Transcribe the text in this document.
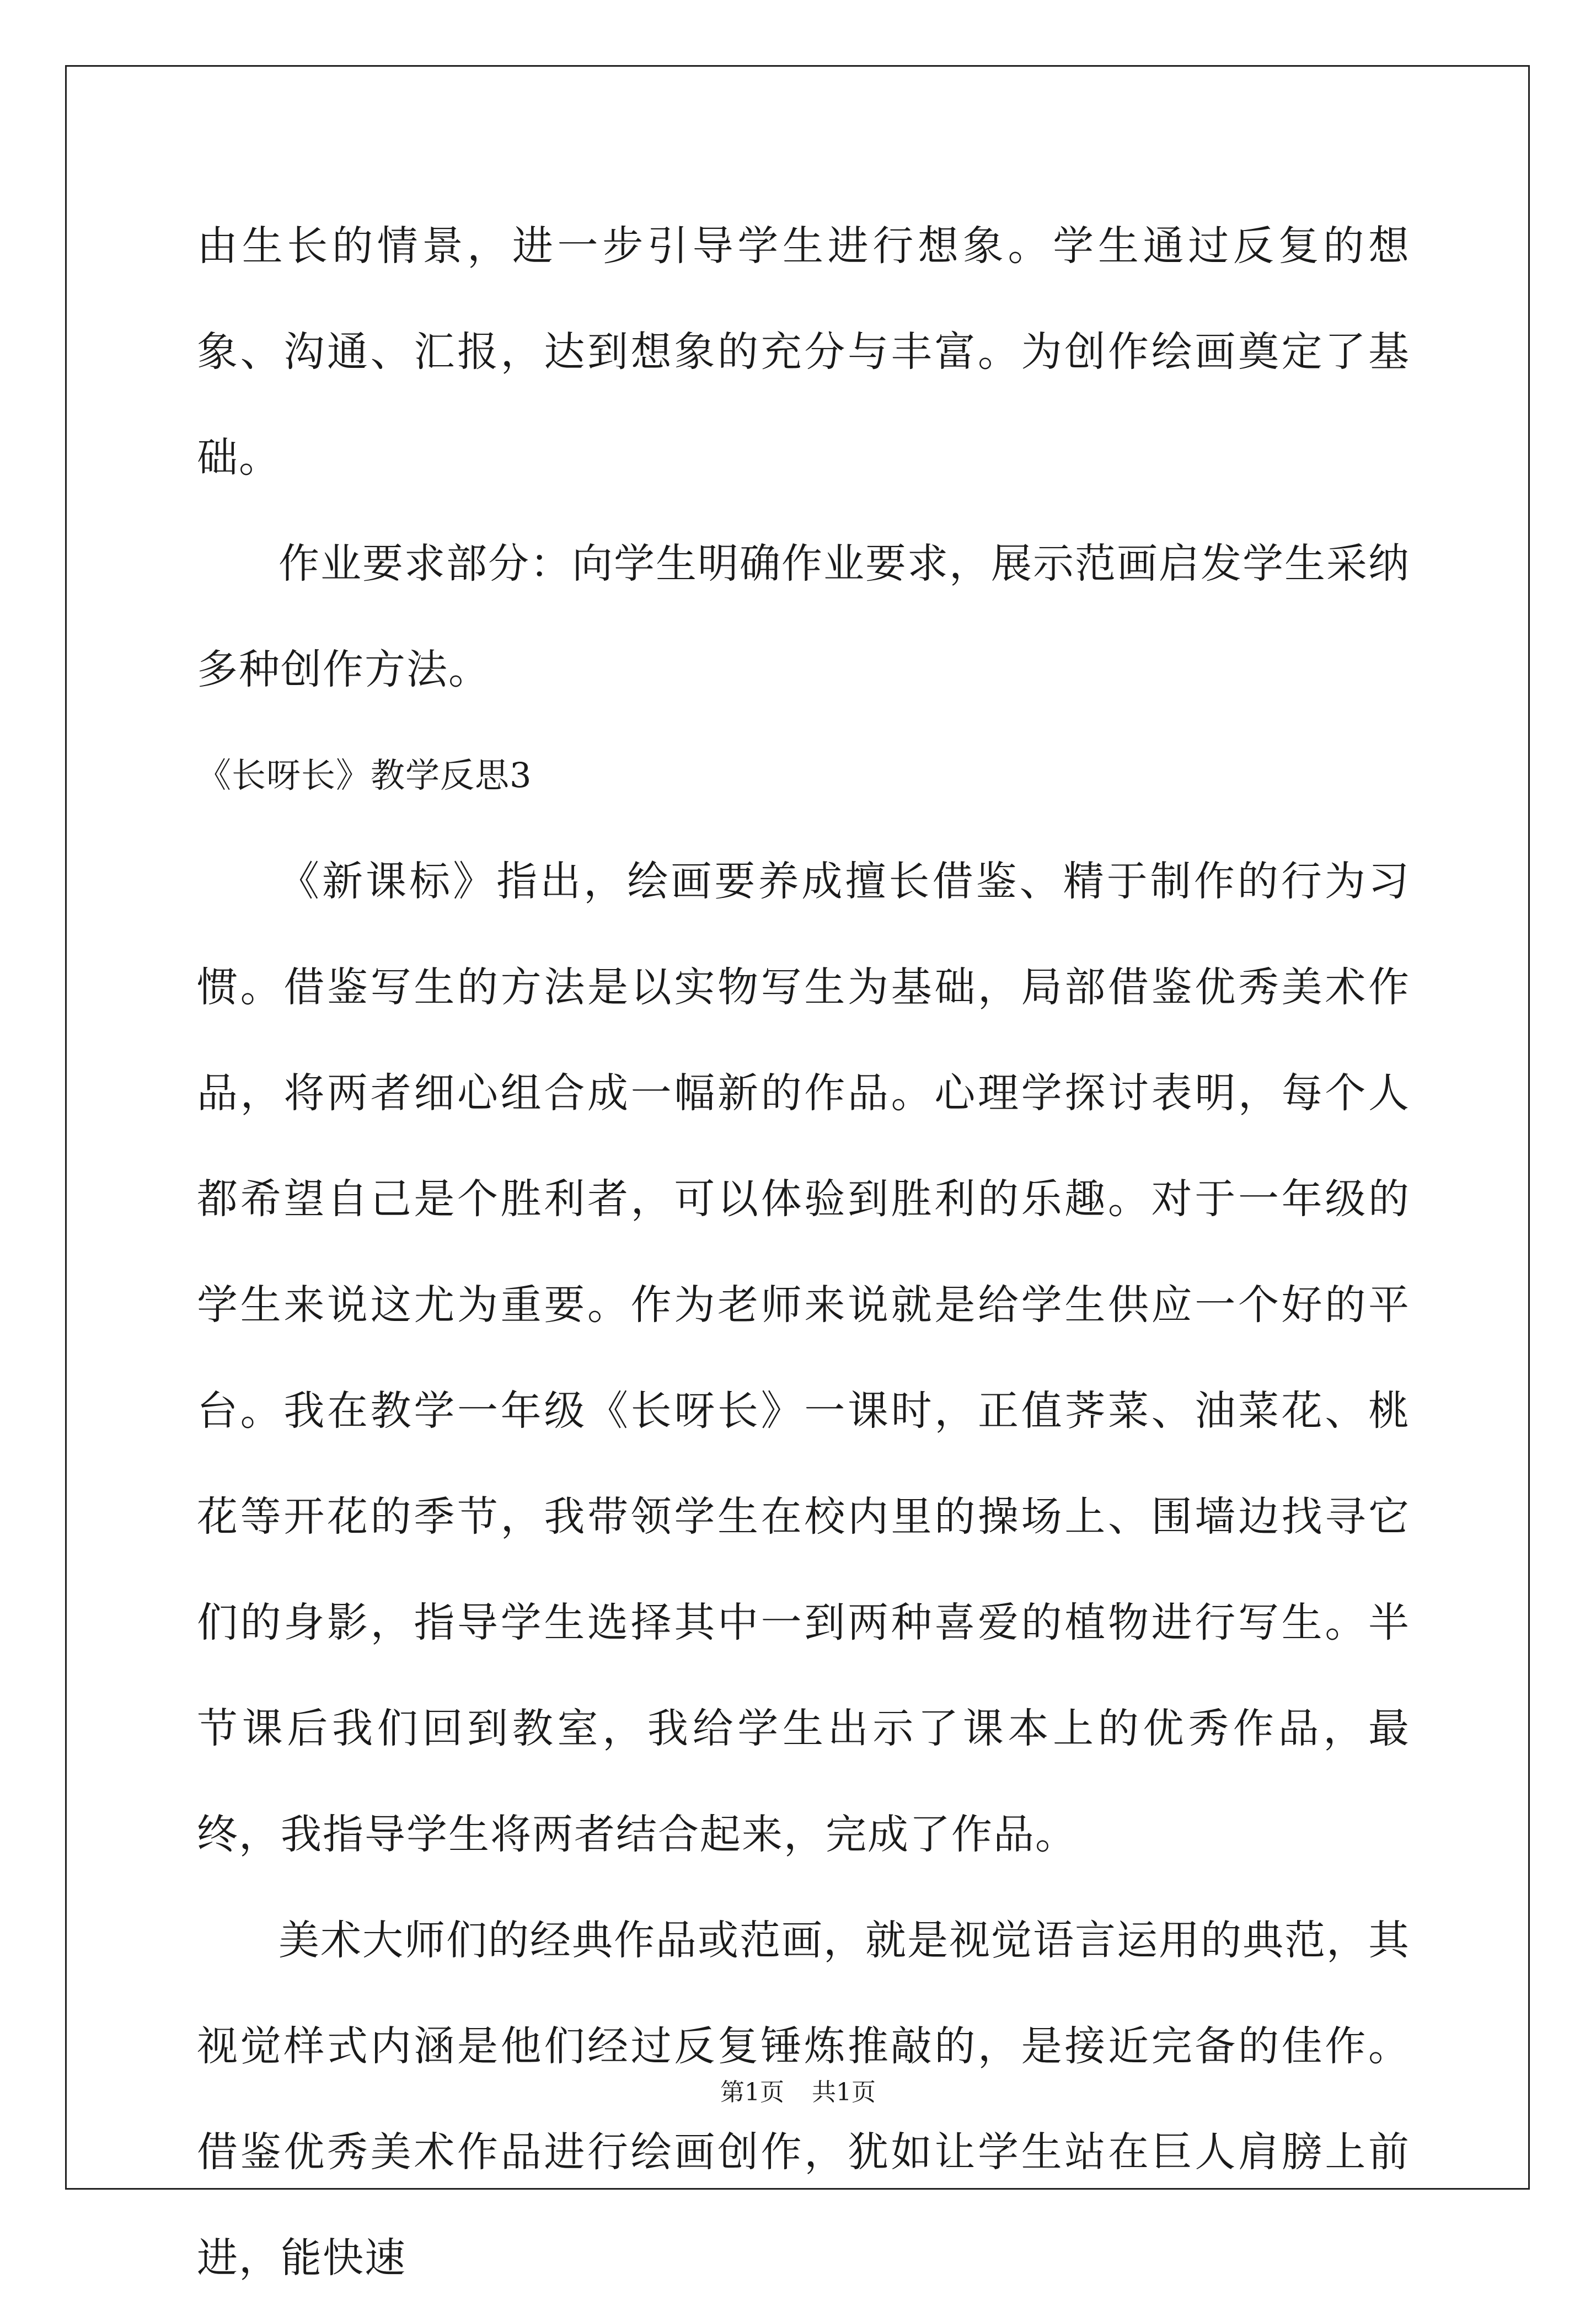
由生长的情景，进一步引导学生进行想象。学生通过反复的想象、沟通、汇报，达到想象的充分与丰富。为创作绘画奠定了基础。

作业要求部分：向学生明确作业要求，展示范画启发学生采纳多种创作方法。

《长呀长》教学反思3

《新课标》指出，绘画要养成擅长借鉴、精于制作的行为习惯。借鉴写生的方法是以实物写生为基础，局部借鉴优秀美术作品，将两者细心组合成一幅新的作品。心理学探讨表明，每个人都希望自己是个胜利者，可以体验到胜利的乐趣。对于一年级的学生来说这尤为重要。作为老师来说就是给学生供应一个好的平台。我在教学一年级《长呀长》一课时，正值荠菜、油菜花、桃花等开花的季节，我带领学生在校内里的操场上、围墙边找寻它们的身影，指导学生选择其中一到两种喜爱的植物进行写生。半节课后我们回到教室，我给学生出示了课本上的优秀作品，最终，我指导学生将两者结合起来，完成了作品。

美术大师们的经典作品或范画，就是视觉语言运用的典范，其视觉样式内涵是他们经过反复锤炼推敲的，是接近完备的佳作。借鉴优秀美术作品进行绘画创作，犹如让学生站在巨人肩膀上前进，能快速

第1页 共1页
